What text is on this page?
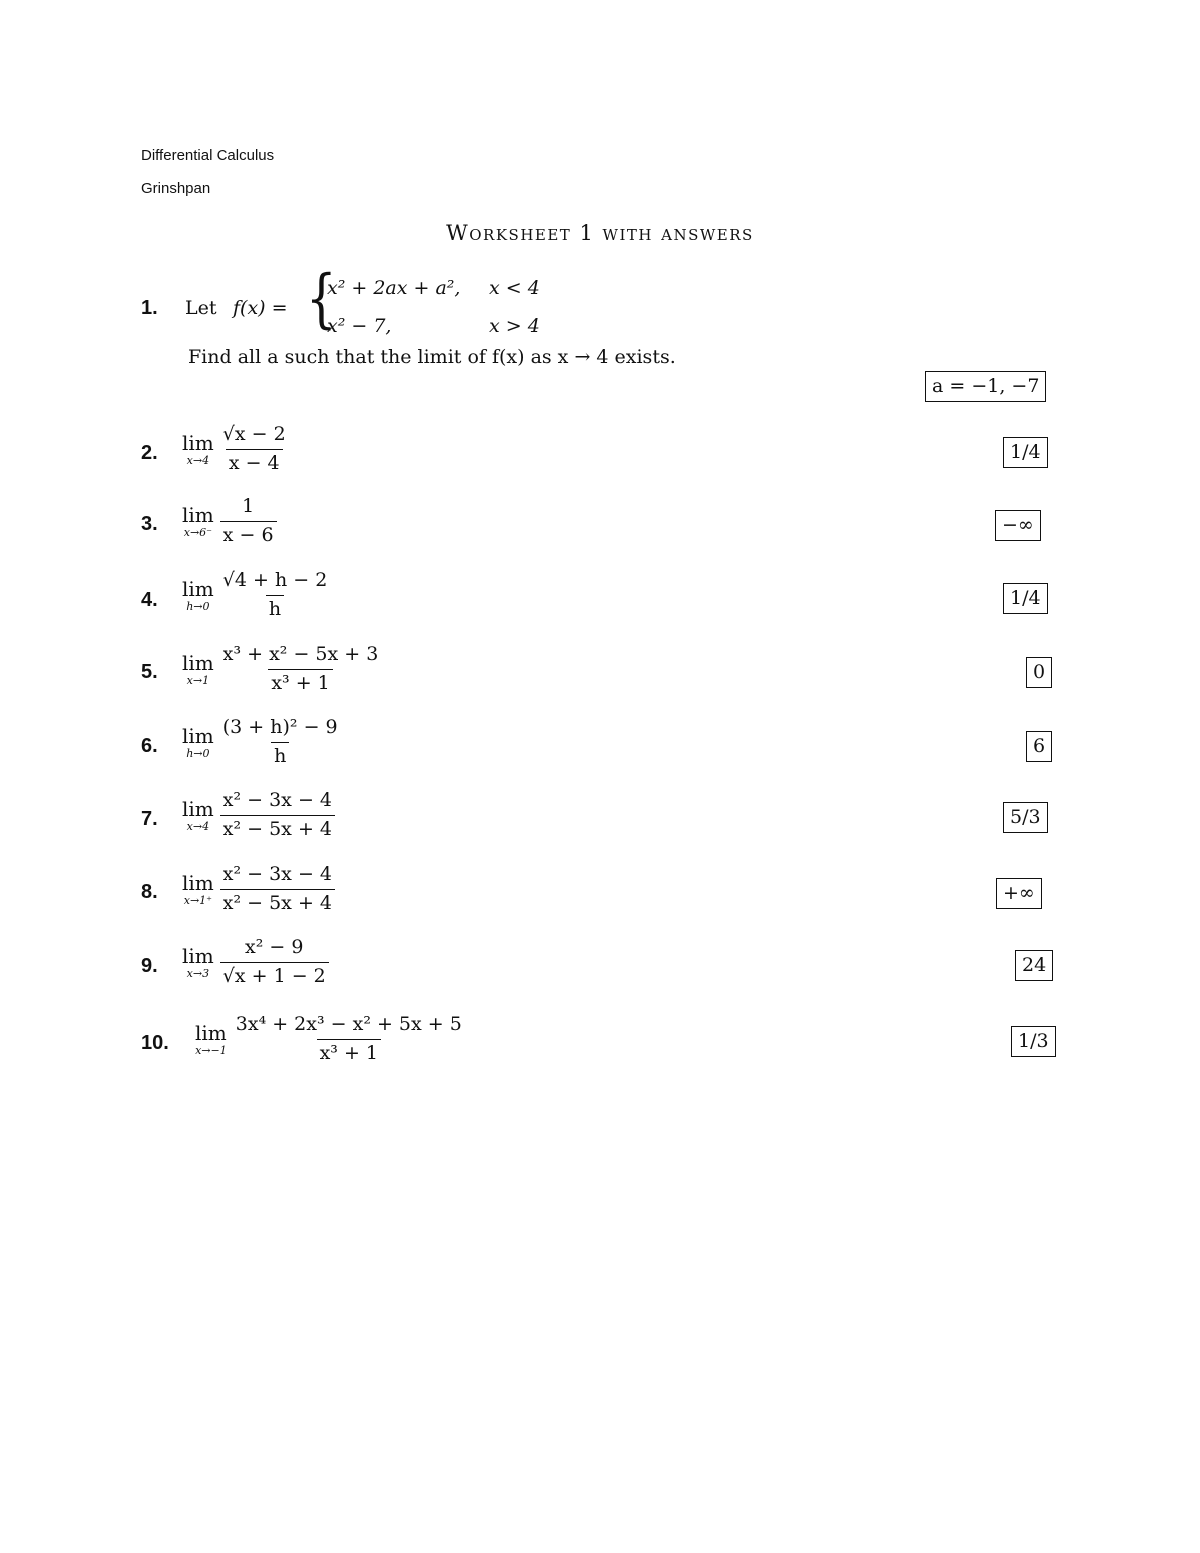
Differential Calculus
Grinshpan
Worksheet 1 with answers
1. Let f(x) = {
x² + 2ax + a², x < 4
x² − 7,	x > 4
Find all a such that the limit of f(x) as x → 4 exists.
a = −1, −7
2. lim
$x\to 4 \frac{√x - 2}{x - 4}$	1/4
3. lim
$x\to 6^- \frac{1}{x - 6}$	−∞
4. lim
$h\to 0 \frac{√4 + h - 2}{h}$	1/4
5. lim
$x\to 1 \frac{\text{x³ + x² − 5x + 3}}{\text{x³ + 1}}$	0
6. lim
$h\to 0 \frac{\text{(3 + h)² − 9}}{h}$	6
7. lim
$x\to 4 \frac{\text{x² − 3x − 4}}{\text{x² − 5x + 4}}$	5/3
8. lim
$x\to 1^+ \frac{\text{x² − 3x − 4}}{\text{x² − 5x + 4}}$	+∞
9. lim
$x\to 3 \frac{\text{x² − 9}}{√x + 1 - 2}$	24
10. lim
$x\to-1 \frac{\text{3x⁴ + 2x³ − x² + 5x + 5}}{\text{x³ + 1}}$	1/3
